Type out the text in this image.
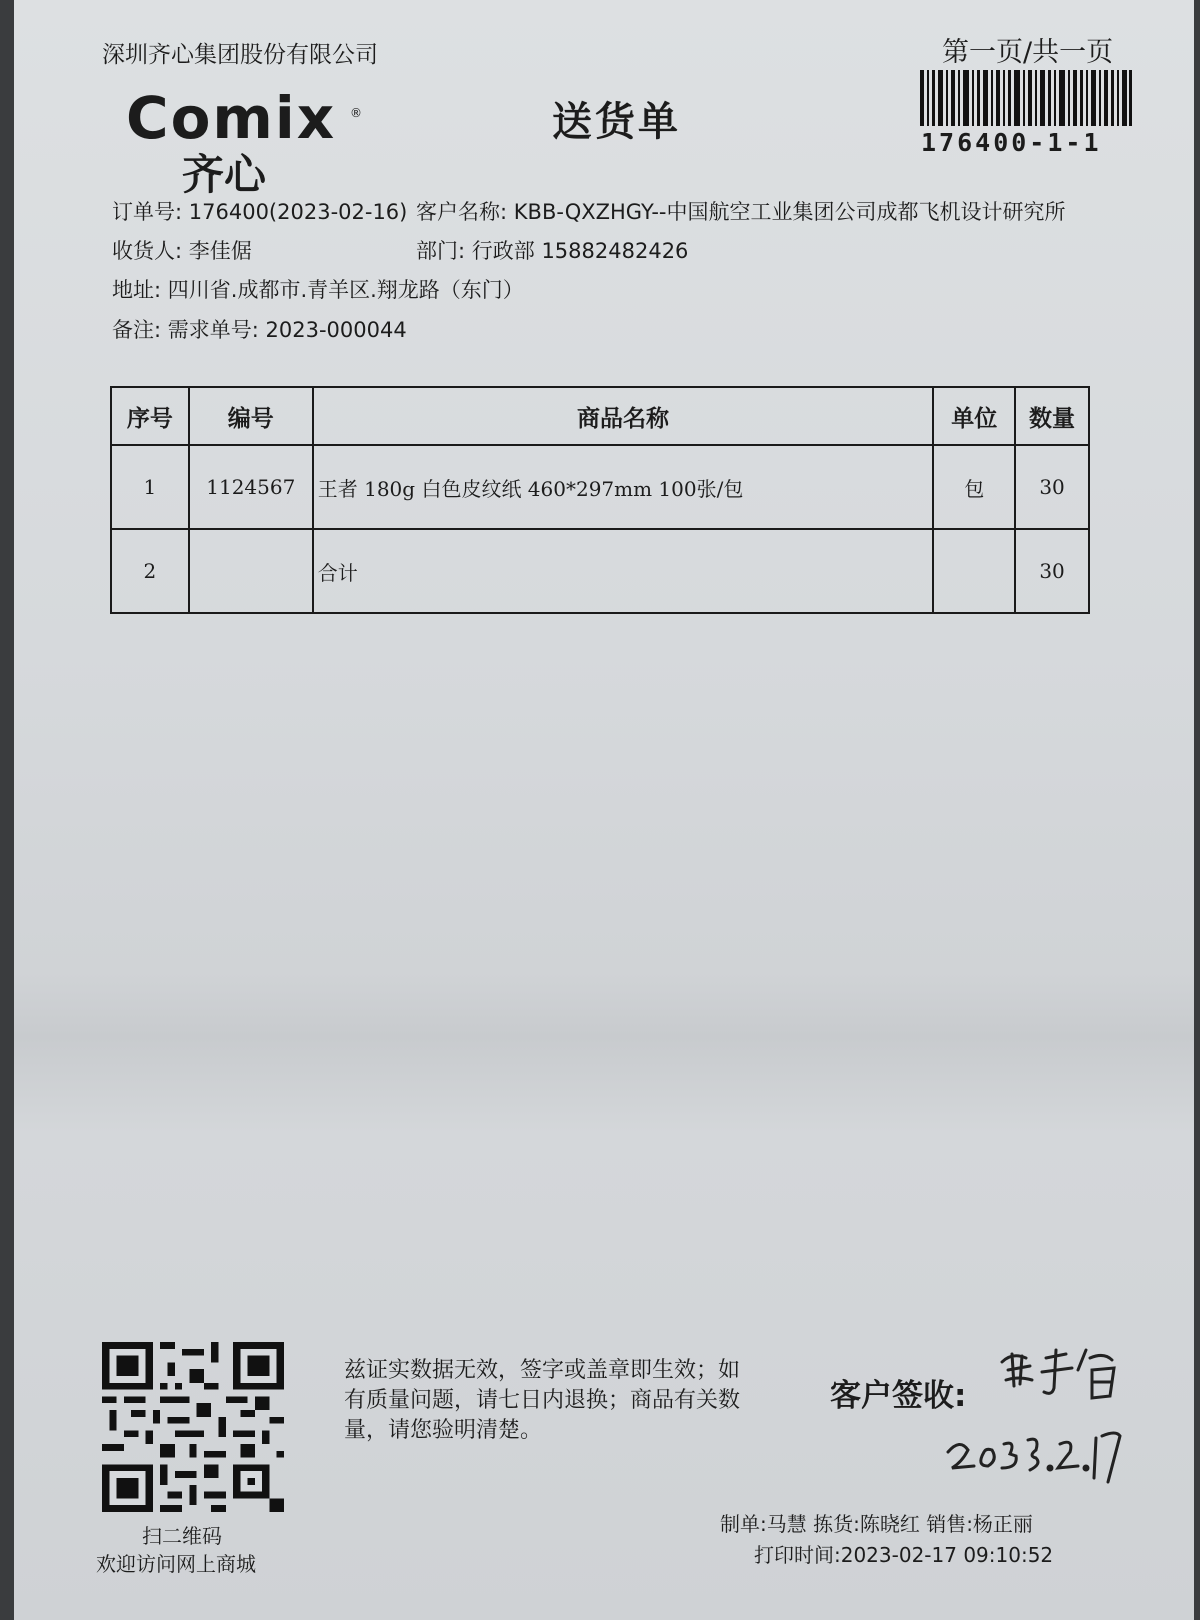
深圳齐心集团股份有限公司	第一页/共一页
176400-1-1
Comix ®
齐心
送货单
订单号: 176400(2023-02-16) 客户名称: KBB-QXZHGY--中国航空工业集团公司成都飞机设计研究所
收货人: 李佳倨	部门: 行政部 15882482426
地址: 四川省.成都市.青羊区.翔龙路（东门）
备注: 需求单号: 2023-000044
序号	编号	商品名称	单位	数量
1	1124567	王者 180g 白色皮纹纸 460*297mm 100张/包	包	30
2		合计		30
扫二维码
欢迎访问网上商城
兹证实数据无效，签字或盖章即生效；如有质量问题，请七日内退换；商品有关数量，请您验明清楚。
客户签收:
制单:马慧 拣货:陈晓红 销售:杨正丽
打印时间:2023-02-17 09:10:52
